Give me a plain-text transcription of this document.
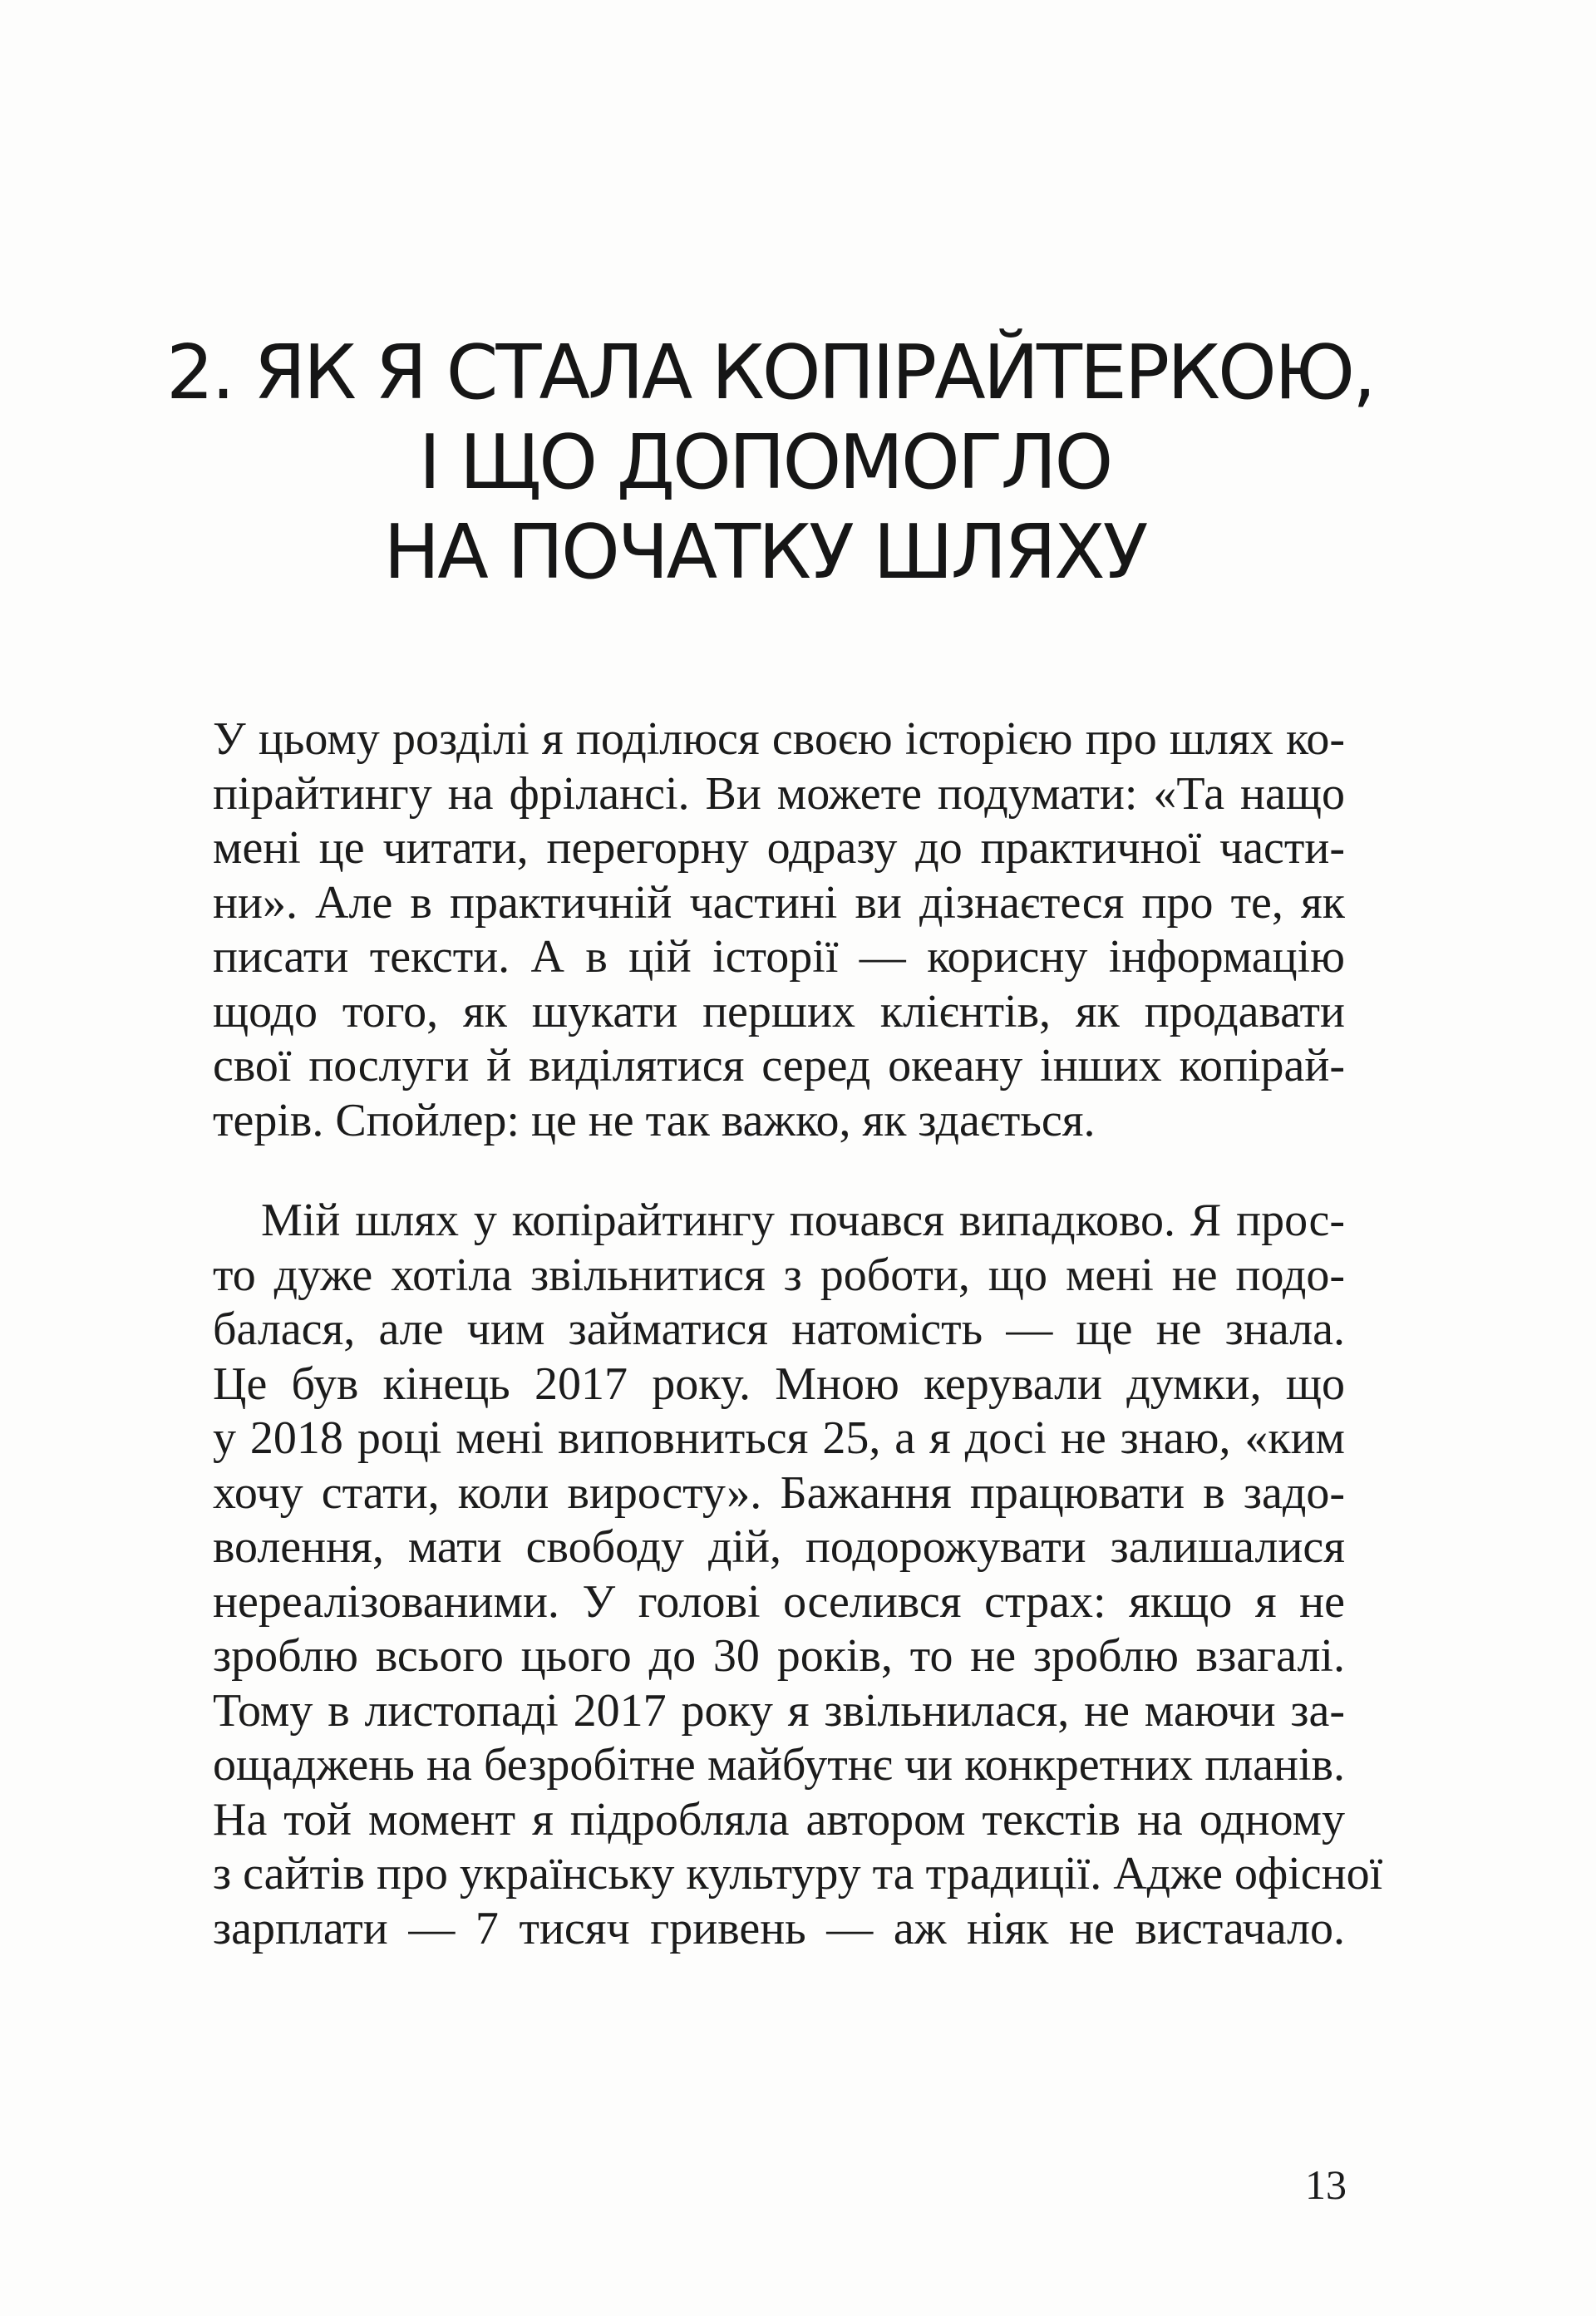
2. ЯК Я СТАЛА КОПІРАЙТЕРКОЮ,
І ЩО ДОПОМОГЛО
НА ПОЧАТКУ ШЛЯХУ

У цьому розділі я поділюся своєю історією про шлях ко-
пірайтингу на фрілансі. Ви можете подумати: «Та нащо
мені це читати, перегорну одразу до практичної части-
ни». Але в практичній частині ви дізнаєтеся про те, як
писати тексти. А в цій історії — корисну інформацію
щодо того, як шукати перших клієнтів, як продавати
свої послуги й виділятися серед океану інших копірай-
терів. Спойлер: це не так важко, як здається.

Мій шлях у копірайтингу почався випадково. Я прос-
то дуже хотіла звільнитися з роботи, що мені не подо-
балася, але чим займатися натомість — ще не знала.
Це був кінець 2017 року. Мною керували думки, що
у 2018 році мені виповниться 25, а я досі не знаю, «ким
хочу стати, коли виросту». Бажання працювати в задо-
волення, мати свободу дій, подорожувати залишалися
нереалізованими. У голові оселився страх: якщо я не
зроблю всього цього до 30 років, то не зроблю взагалі.
Тому в листопаді 2017 року я звільнилася, не маючи за-
ощаджень на безробітне майбутнє чи конкретних планів.
На той момент я підробляла автором текстів на одному
з сайтів про українську культуру та традиції. Адже офісної
зарплати — 7 тисяч гривень — аж ніяк не вистачало.

13
